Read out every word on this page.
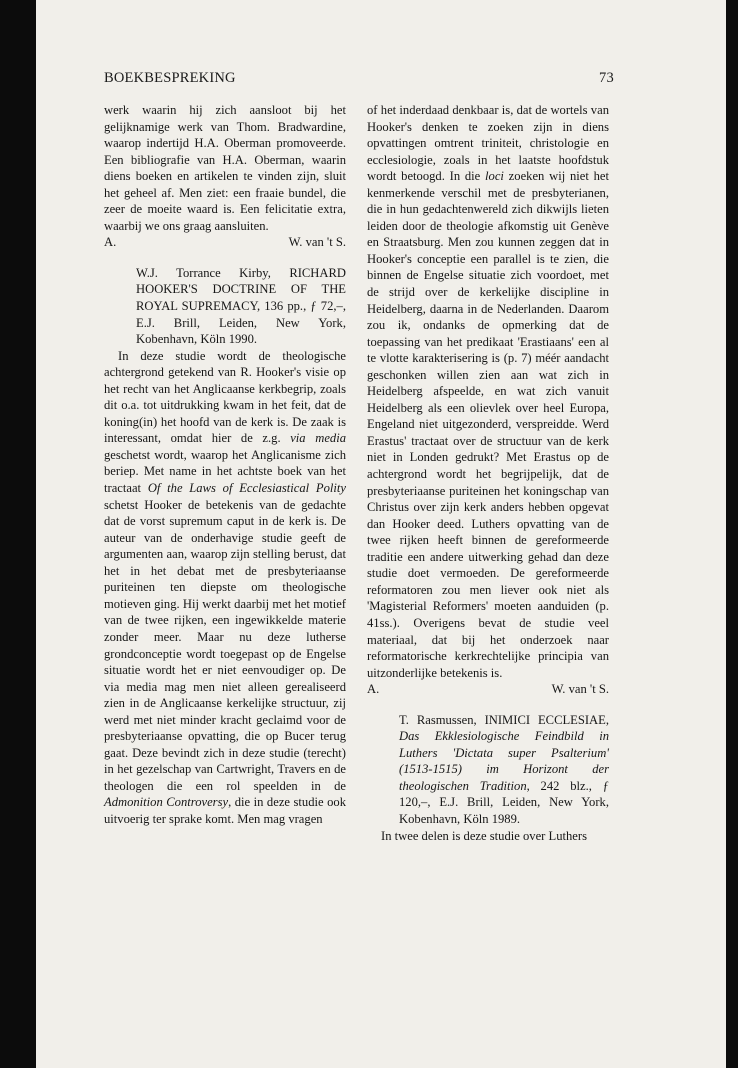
BOEKBESPREKING	73

werk waarin hij zich aansloot bij het gelijknamige werk van Thom. Bradwardine, waarop indertijd H.A. Oberman promoveerde. Een bibliografie van H.A. Oberman, waarin diens boeken en artikelen te vinden zijn, sluit het geheel af. Men ziet: een fraaie bundel, die zeer de moeite waard is. Een felicitatie extra, waarbij we ons graag aansluiten.

A.	W. van 't S.
W.J. Torrance Kirby, RICHARD HOOKER'S DOCTRINE OF THE ROYAL SUPREMACY, 136 pp., ƒ 72,–, E.J. Brill, Leiden, New York, Kobenhavn, Köln 1990.
In deze studie wordt de theologische achtergrond getekend van R. Hooker's visie op het recht van het Anglicaanse kerkbegrip, zoals dit o.a. tot uitdrukking kwam in het feit, dat de koning(in) het hoofd van de kerk is. De zaak is interessant, omdat hier de z.g. via media geschetst wordt, waarop het Anglicanisme zich beriep. Met name in het achtste boek van het tractaat Of the Laws of Ecclesiastical Polity schetst Hooker de betekenis van de gedachte dat de vorst supremum caput in de kerk is. De auteur van de onderhavige studie geeft de argumenten aan, waarop zijn stelling berust, dat het in het debat met de presbyteriaanse puriteinen ten diepste om theologische motieven ging. Hij werkt daarbij met het motief van de twee rijken, een ingewikkelde materie zonder meer. Maar nu deze lutherse grondconceptie wordt toegepast op de Engelse situatie wordt het er niet eenvoudiger op. De via media mag men niet alleen gerealiseerd zien in de Anglicaanse kerkelijke structuur, zij werd met niet minder kracht geclaimd voor de presbyteriaanse opvatting, die op Bucer terug gaat. Deze bevindt zich in deze studie (terecht) in het gezelschap van Cartwright, Travers en de theologen die een rol speelden in de Admonition Controversy, die in deze studie ook uitvoerig ter sprake komt. Men mag vragen
of het inderdaad denkbaar is, dat de wortels van Hooker's denken te zoeken zijn in diens opvattingen omtrent triniteit, christologie en ecclesiologie, zoals in het laatste hoofdstuk wordt betoogd. In die loci zoeken wij niet het kenmerkende verschil met de presbyterianen, die in hun gedachtenwereld zich dikwijls lieten leiden door de theologie afkomstig uit Genève en Straatsburg. Men zou kunnen zeggen dat in Hooker's conceptie een parallel is te zien, die binnen de Engelse situatie zich voordoet, met de strijd over de kerkelijke discipline in Heidelberg, daarna in de Nederlanden. Daarom zou ik, ondanks de opmerking dat de toepassing van het predikaat 'Erastiaans' een al te vlotte karakterisering is (p. 7) méér aandacht geschonken willen zien aan wat zich in Heidelberg afspeelde, en wat zich vanuit Heidelberg als een olievlek over heel Europa, Engeland niet uitgezonderd, verspreidde. Werd Erastus' tractaat over de structuur van de kerk niet in Londen gedrukt? Met Erastus op de achtergrond wordt het begrijpelijk, dat de presbyteriaanse puriteinen het koningschap van Christus over zijn kerk anders hebben opgevat dan Hooker deed. Luthers opvatting van de twee rijken heeft binnen de gereformeerde traditie een andere uitwerking gehad dan deze studie doet vermoeden. De gereformeerde reformatoren zou men liever ook niet als 'Magisterial Reformers' moeten aanduiden (p. 41ss.). Overigens bevat de studie veel materiaal, dat bij het onderzoek naar reformatorische kerkrechtelijke principia van uitzonderlijke betekenis is.
A.	W. van 't S.
T. Rasmussen, INIMICI ECCLESIAE, Das Ekklesiologische Feindbild in Luthers 'Dictata super Psalterium' (1513-1515) im Horizont der theologischen Tradition, 242 blz., ƒ 120,–, E.J. Brill, Leiden, New York, Kobenhavn, Köln 1989.
In twee delen is deze studie over Luthers
